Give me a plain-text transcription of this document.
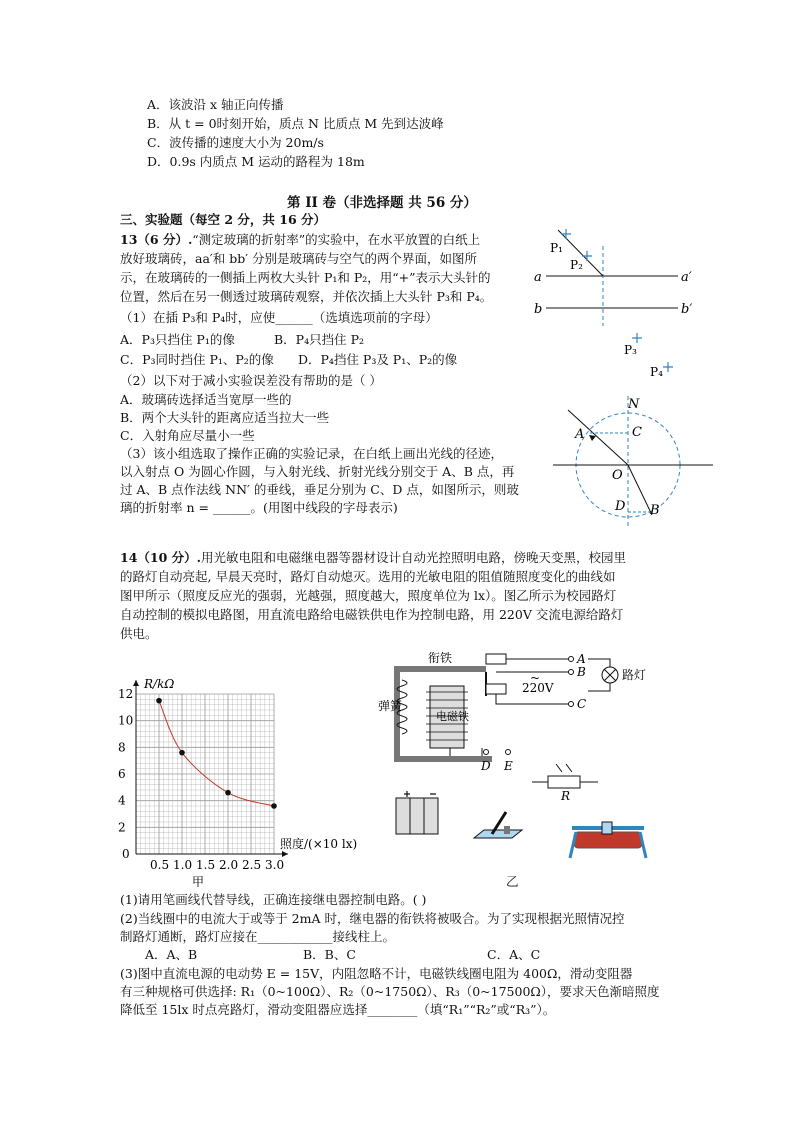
A．该波沿 x 轴正向传播
B．从 t = 0时刻开始，质点 N 比质点 M 先到达波峰
C．波传播的速度大小为 20m/s
D．0.9s 内质点 M 运动的路程为 18m
第 II 卷（非选择题 共 56 分）
三、实验题（每空 2 分，共 16 分）
13（6 分）.“测定玻璃的折射率”的实验中，在水平放置的白纸上
放好玻璃砖，aa′和 bb′ 分别是玻璃砖与空气的两个界面，如图所
示，在玻璃砖的一侧插上两枚大头针 P₁和 P₂，用“+”表示大头针的
位置，然后在另一侧透过玻璃砖观察，并依次插上大头针 P₃和 P₄。
（1）在插 P₃和 P₄时，应使______（选填选项前的字母）
A．P₃只挡住 P₁的像	B．P₄只挡住 P₂
C．P₃同时挡住 P₁、P₂的像 D．P₄挡住 P₃及 P₁、P₂的像
（2）以下对于减小实验误差没有帮助的是（ ）
A．玻璃砖选择适当宽厚一些的
B．两个大头针的距离应适当拉大一些
C．入射角应尽量小一些
（3）该小组选取了操作正确的实验记录，在白纸上画出光线的径迹，
以入射点 O 为圆心作圆，与入射光线、折射光线分别交于 A、B 点，再
过 A、B 点作法线 NN′ 的垂线，垂足分别为 C、D 点，如图所示，则玻
璃的折射率 n = ______。(用图中线段的字母表示)
P₁
P₂
P₃
P₄
a	a′
b	b′
N
A	C
O
D B
14（10 分）.用光敏电阻和电磁继电器等器材设计自动光控照明电路，傍晚天变黑，校园里
的路灯自动亮起, 早晨天亮时，路灯自动熄灭。选用的光敏电阻的阻值随照度变化的曲线如
图甲所示（照度反应光的强弱，光越强，照度越大，照度单位为 lx）。图乙所示为校园路灯
自动控制的模拟电路图，用直流电路给电磁铁供电作为控制电路，用 220V 交流电源给路灯
供电。
0.5 1.0 1.5 2.0 2.5 3.0
2
4
6
8
10
12
0
R/kΩ
照度/(×10 lx)
甲
衔铁
弹簧
电磁铁
~
220V
路灯
A
B
C
D E
R
乙
(1)请用笔画线代替导线，正确连接继电器控制电路。( )
(2)当线圈中的电流大于或等于 2mA 时，继电器的衔铁将被吸合。为了实现根据光照情况控
制路灯通断，路灯应接在____________接线柱上。
A．A、B	B．B、C	C．A、C
(3)图中直流电源的电动势 E = 15V，内阻忽略不计，电磁铁线圈电阻为 400Ω，滑动变阻器
有三种规格可供选择: R₁（0~100Ω）、R₂（0~1750Ω）、R₃（0~17500Ω），要求天色渐暗照度
降低至 15lx 时点亮路灯，滑动变阻器应选择________（填“R₁”“R₂”或“R₃”）。
